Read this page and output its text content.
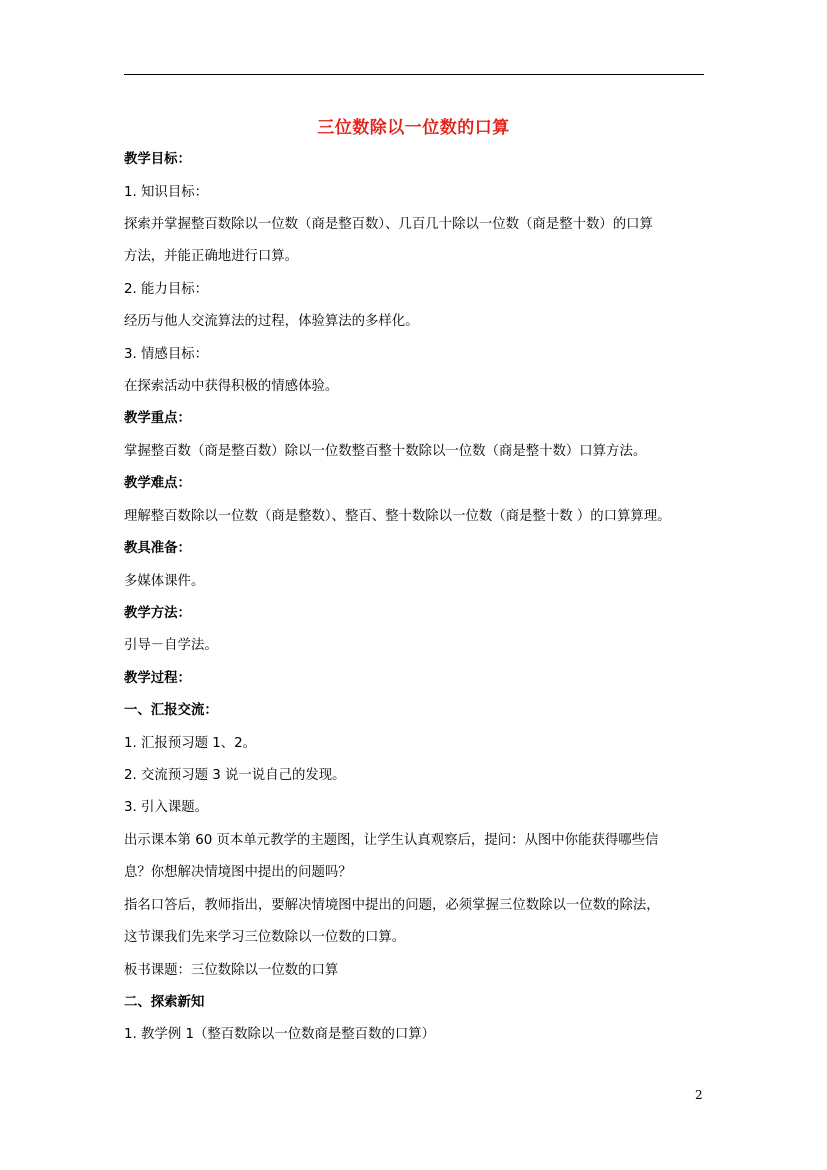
三位数除以一位数的口算
教学目标：
1. 知识目标：
探索并掌握整百数除以一位数（商是整百数）、几百几十除以一位数（商是整十数）的口算
方法，并能正确地进行口算。
2. 能力目标：
经历与他人交流算法的过程，体验算法的多样化。
3. 情感目标：
在探索活动中获得积极的情感体验。
教学重点：
掌握整百数（商是整百数）除以一位数整百整十数除以一位数（商是整十数）口算方法。
教学难点：
理解整百数除以一位数（商是整数）、整百、整十数除以一位数（商是整十数 ）的口算算理。
教具准备：
多媒体课件。
教学方法：
引导－自学法。
教学过程：
一、汇报交流：
1. 汇报预习题 1、2。
2. 交流预习题 3 说一说自己的发现。
3. 引入课题。
出示课本第 60 页本单元教学的主题图，让学生认真观察后，提问：从图中你能获得哪些信
息？你想解决情境图中提出的问题吗？
指名口答后，教师指出，要解决情境图中提出的问题，必须掌握三位数除以一位数的除法，
这节课我们先来学习三位数除以一位数的口算。
板书课题：三位数除以一位数的口算
二、探索新知
1. 教学例 1（整百数除以一位数商是整百数的口算）
2
